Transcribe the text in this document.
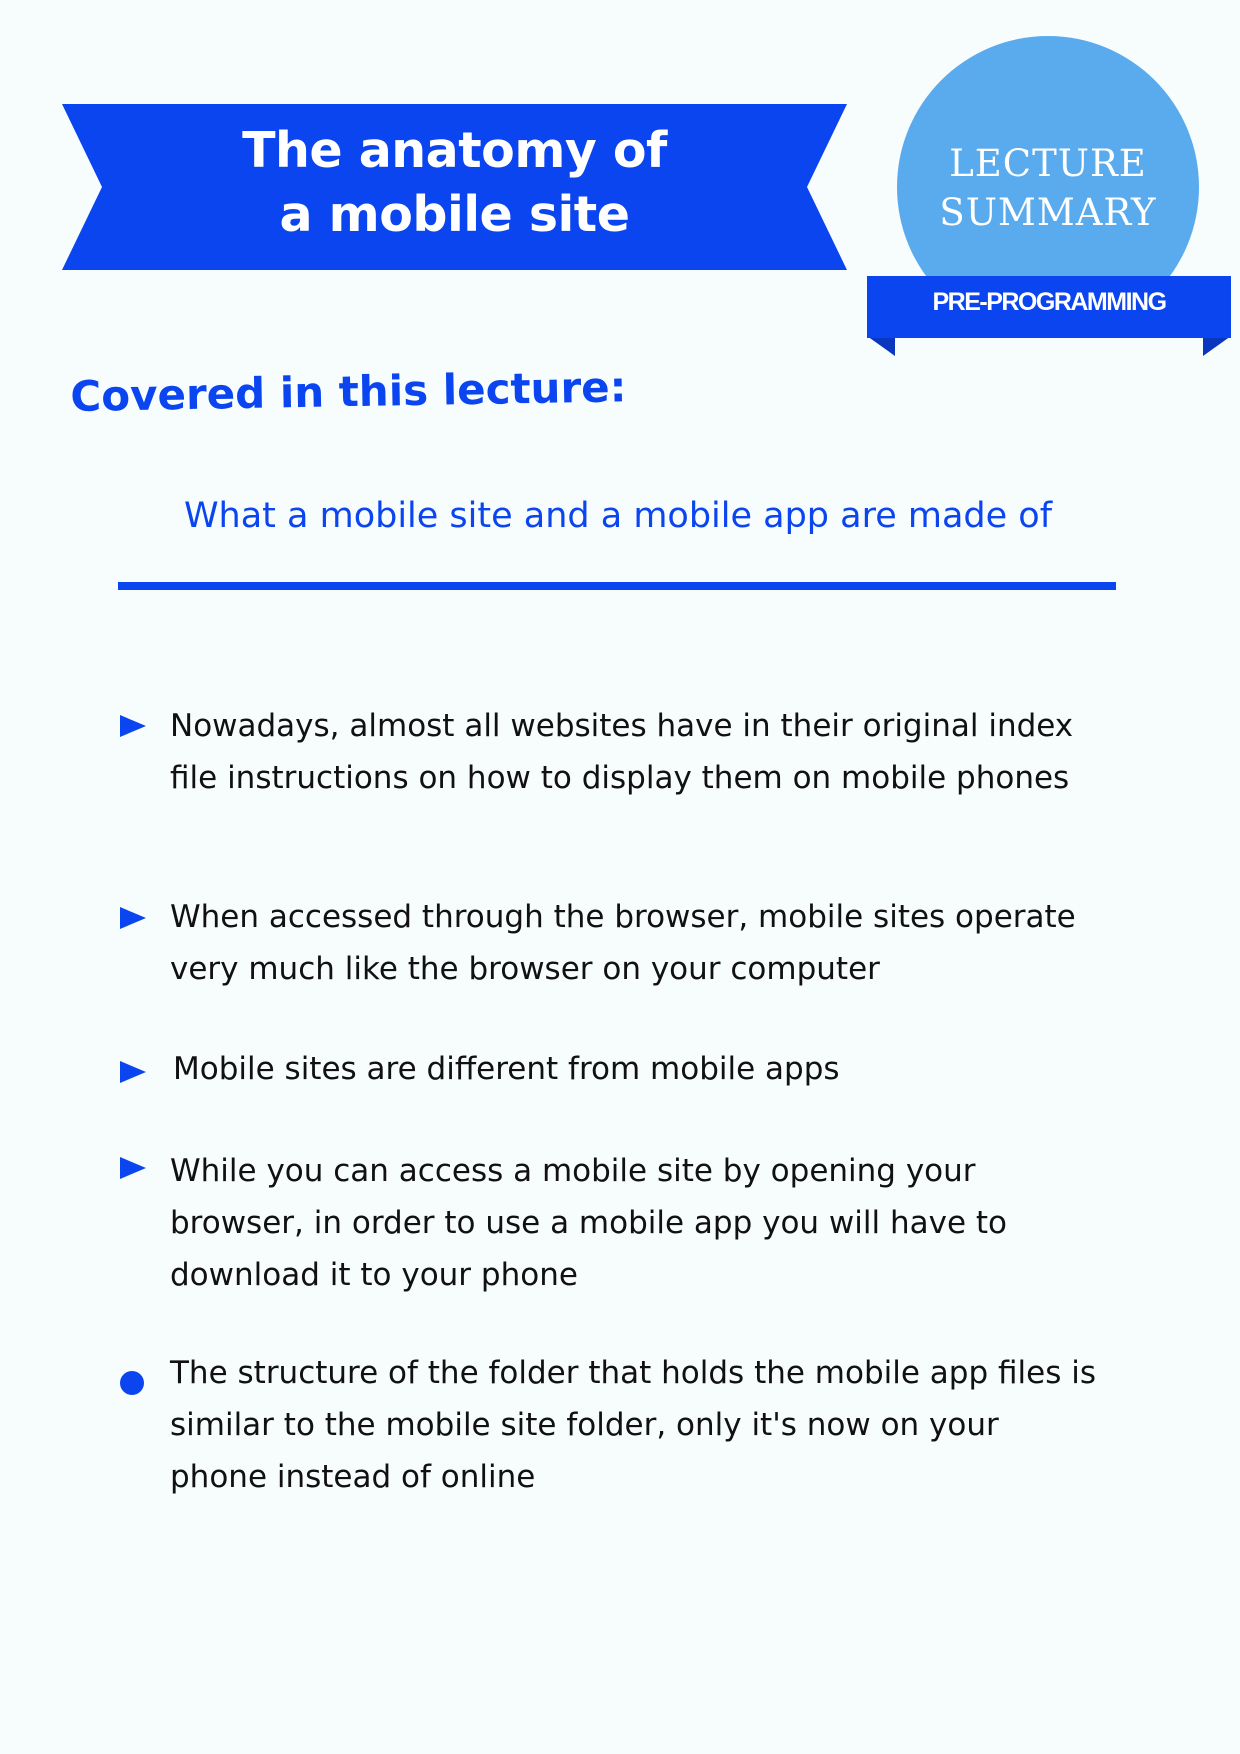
The anatomy of
a mobile site
LECTURE
SUMMARY
PRE-PROGRAMMING
Covered in this lecture:
What a mobile site and a mobile app are made of
Nowadays, almost all websites have in their original index file instructions on how to display them on mobile phones
When accessed through the browser, mobile sites operate very much like the browser on your computer
Mobile sites are different from mobile apps
While you can access a mobile site by opening your browser, in order to use a mobile app you will have to download it to your phone
The structure of the folder that holds the mobile app files is similar to the mobile site folder, only it's now on your phone instead of online
